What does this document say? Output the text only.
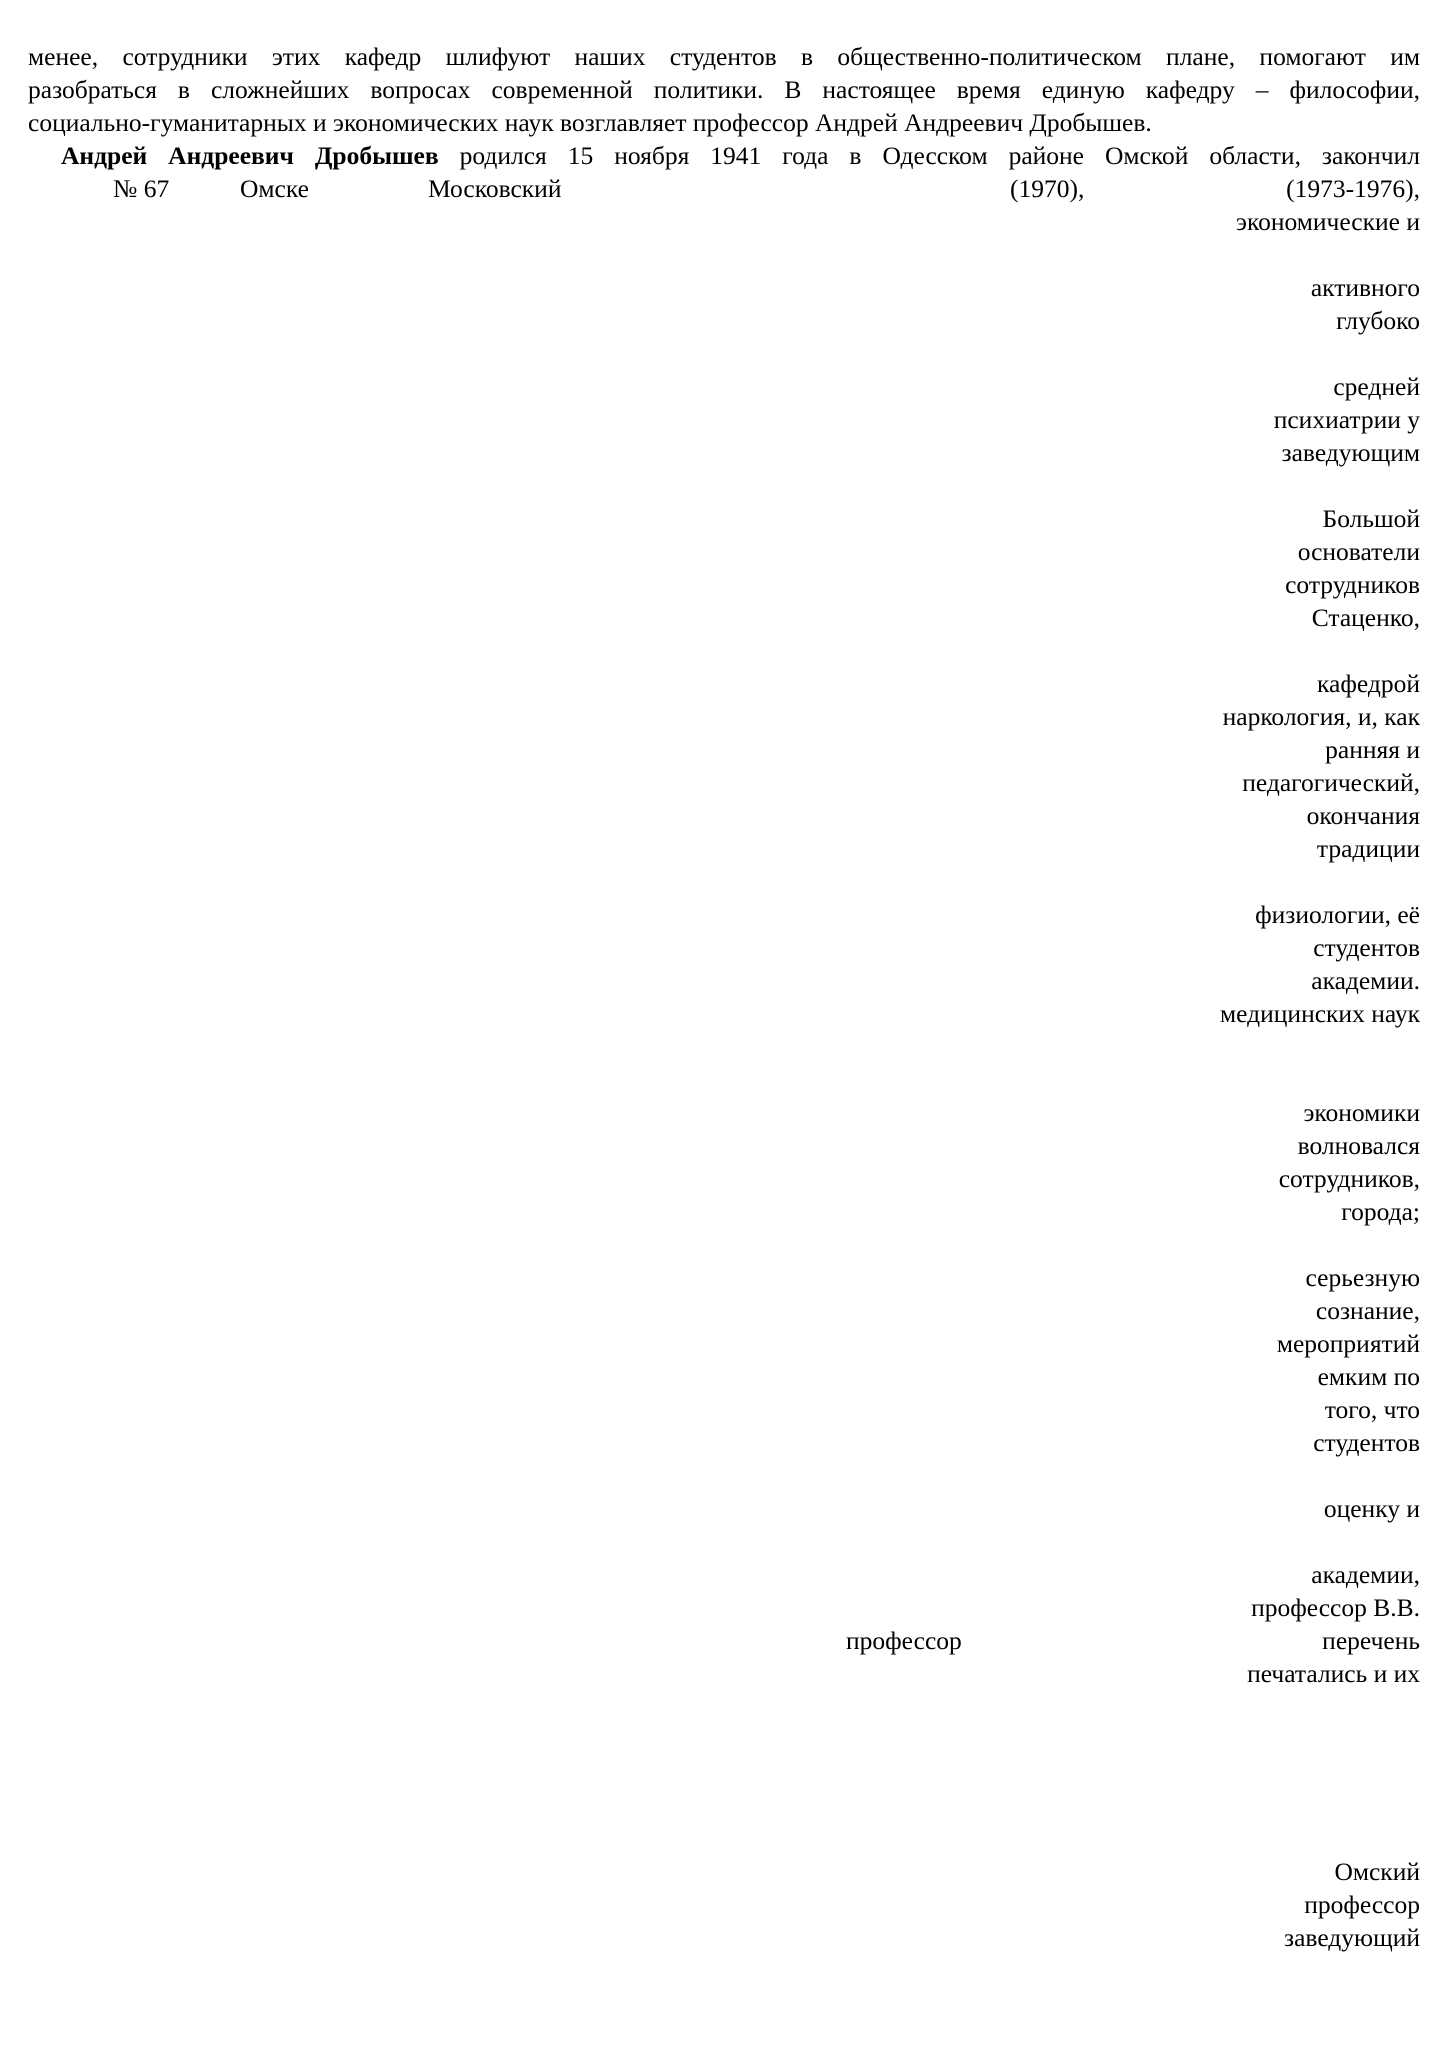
менее, сотрудники этих кафедр шлифуют наших студентов в общественно-политическом плане, помогают им
разобраться в сложнейших вопросах современной политики. В настоящее время единую кафедру – философии,
социально-гуманитарных и экономических наук возглавляет профессор Андрей Андреевич Дробышев.
Андрей Андреевич Дробышев родился 15 ноября 1941 года в Одесском районе Омской области, закончил
№ 67	Омске	Московский	(1970),	(1973-1976),
экономические и
активного
глубоко
средней
психиатрии у
заведующим
Большой
основатели
сотрудников
Стаценко,
кафедрой
наркология, и, как
ранняя и
педагогический,
окончания
традиции
физиологии, её
студентов
академии.
медицинских наук
экономики
волновался
сотрудников,
города;
серьезную
сознание,
мероприятий
емким по
того, что
студентов
оценку и
академии,
профессор В.В.
профессор	перечень
печатались и их
Омский
профессор
заведующий
